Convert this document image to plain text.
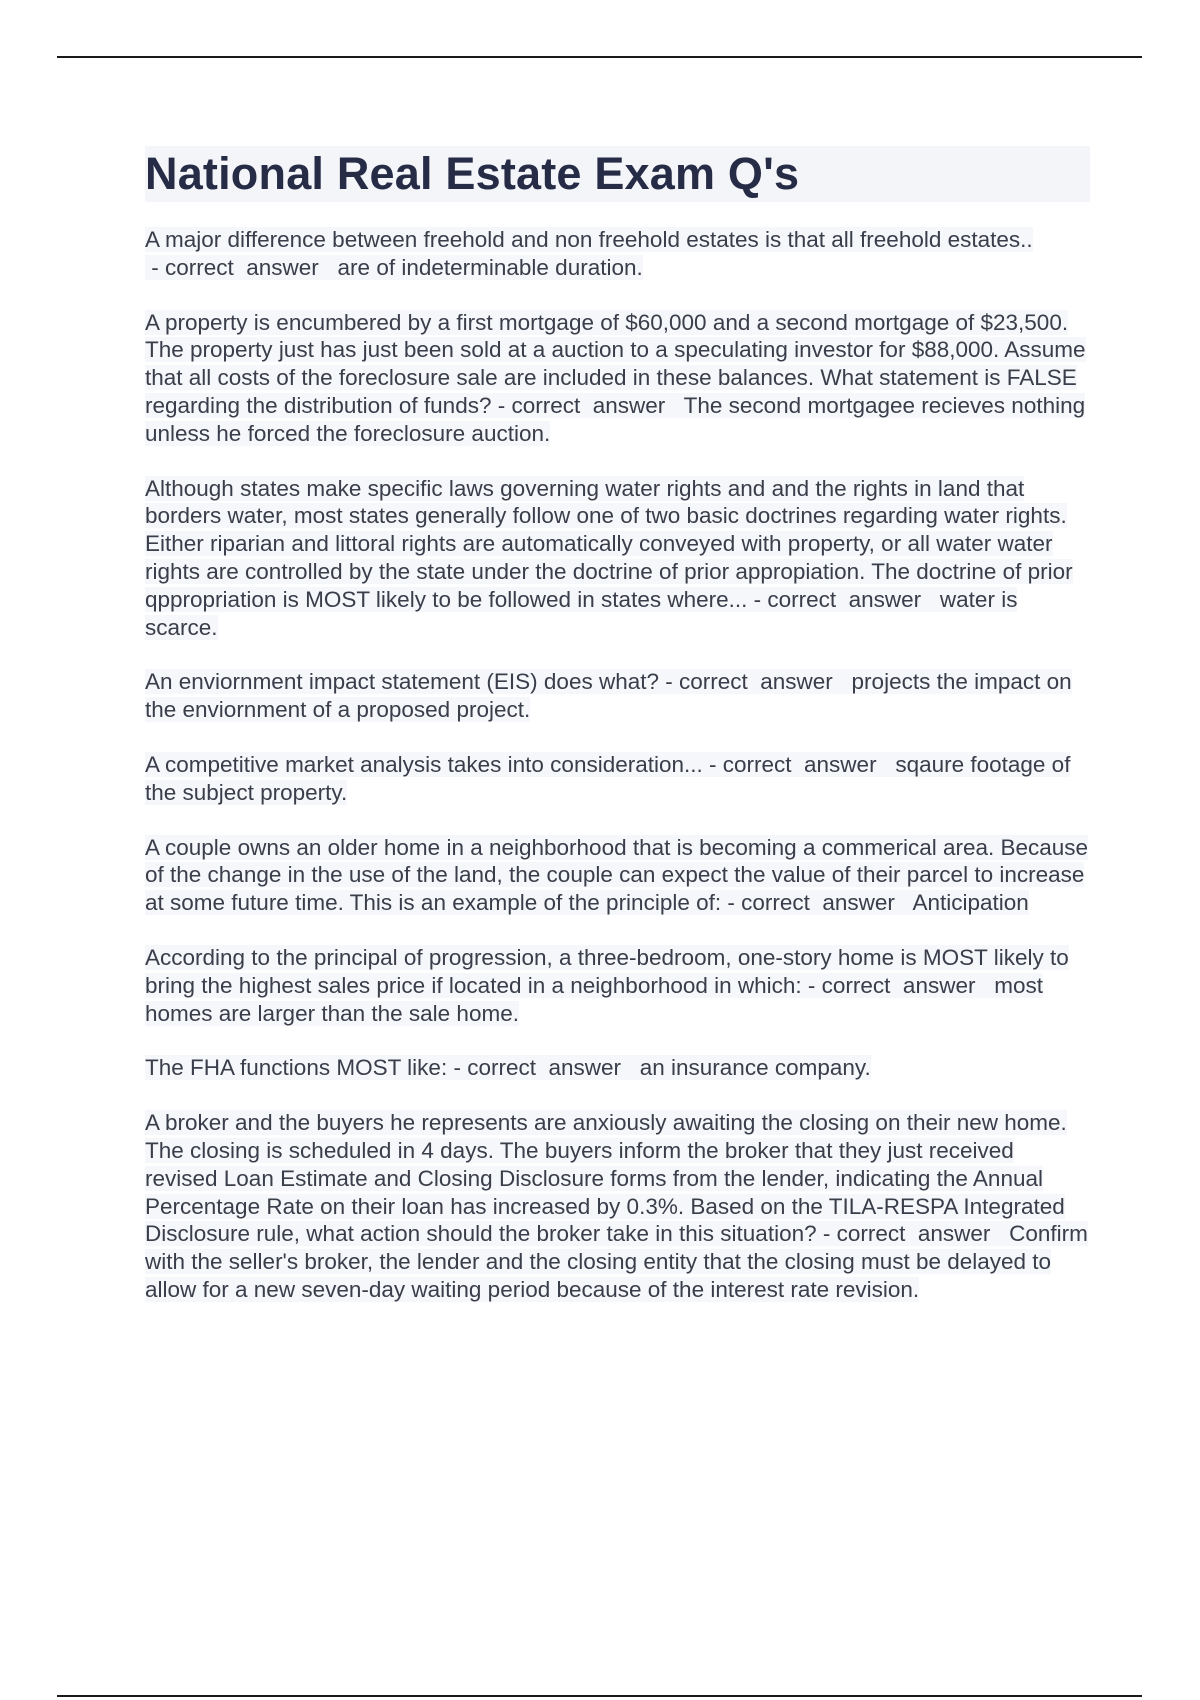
National Real Estate Exam Q's

A major difference between freehold and non freehold estates is that all freehold estates.. - correct  answer   are of indeterminable duration.

A property is encumbered by a first mortgage of $60,000 and a second mortgage of $23,500. The property just has just been sold at a auction to a speculating investor for $88,000. Assume that all costs of the foreclosure sale are included in these balances. What statement is FALSE regarding the distribution of funds? - correct  answer   The second mortgagee recieves nothing unless he forced the foreclosure auction.

Although states make specific laws governing water rights and and the rights in land that borders water, most states generally follow one of two basic doctrines regarding water rights. Either riparian and littoral rights are automatically conveyed with property, or all water water rights are controlled by the state under the doctrine of prior appropiation. The doctrine of prior qppropriation is MOST likely to be followed in states where... - correct  answer   water is scarce.

An enviornment impact statement (EIS) does what? - correct  answer   projects the impact on the enviornment of a proposed project.

A competitive market analysis takes into consideration... - correct  answer   sqaure footage of the subject property.

A couple owns an older home in a neighborhood that is becoming a commerical area. Because of the change in the use of the land, the couple can expect the value of their parcel to increase at some future time. This is an example of the principle of: - correct  answer   Anticipation

According to the principal of progression, a three-bedroom, one-story home is MOST likely to bring the highest sales price if located in a neighborhood in which: - correct  answer   most homes are larger than the sale home.

The FHA functions MOST like: - correct  answer   an insurance company.

A broker and the buyers he represents are anxiously awaiting the closing on their new home. The closing is scheduled in 4 days. The buyers inform the broker that they just received revised Loan Estimate and Closing Disclosure forms from the lender, indicating the Annual Percentage Rate on their loan has increased by 0.3%. Based on the TILA-RESPA Integrated Disclosure rule, what action should the broker take in this situation? - correct  answer   Confirm with the seller's broker, the lender and the closing entity that the closing must be delayed to allow for a new seven-day waiting period because of the interest rate revision.
